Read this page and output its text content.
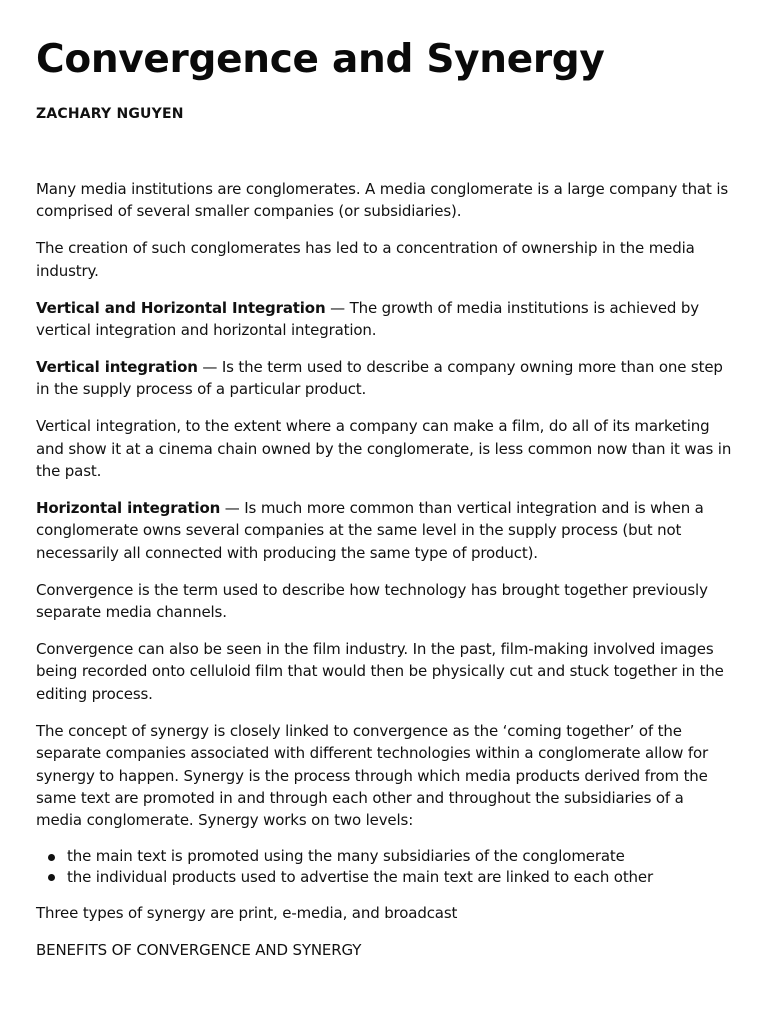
Convergence and Synergy
ZACHARY NGUYEN

Many media institutions are conglomerates. A media conglomerate is a large company that is comprised of several smaller companies (or subsidiaries).

The creation of such conglomerates has led to a concentration of ownership in the media industry.

Vertical and Horizontal Integration — The growth of media institutions is achieved by vertical integration and horizontal integration.

Vertical integration — Is the term used to describe a company owning more than one step in the supply process of a particular product.

Vertical integration, to the extent where a company can make a film, do all of its marketing and show it at a cinema chain owned by the conglomerate, is less common now than it was in the past.

Horizontal integration — Is much more common than vertical integration and is when a conglomerate owns several companies at the same level in the supply process (but not necessarily all connected with producing the same type of product).

Convergence is the term used to describe how technology has brought together previously separate media channels.

Convergence can also be seen in the film industry. In the past, film-making involved images being recorded onto celluloid film that would then be physically cut and stuck together in the editing process.

The concept of synergy is closely linked to convergence as the ‘coming together’ of the separate companies associated with different technologies within a conglomerate allow for synergy to happen. Synergy is the process through which media products derived from the same text are promoted in and through each other and throughout the subsidiaries of a media conglomerate. Synergy works on two levels:

the main text is promoted using the many subsidiaries of the conglomerate
the individual products used to advertise the main text are linked to each other

Three types of synergy are print, e-media, and broadcast

BENEFITS OF CONVERGENCE AND SYNERGY
